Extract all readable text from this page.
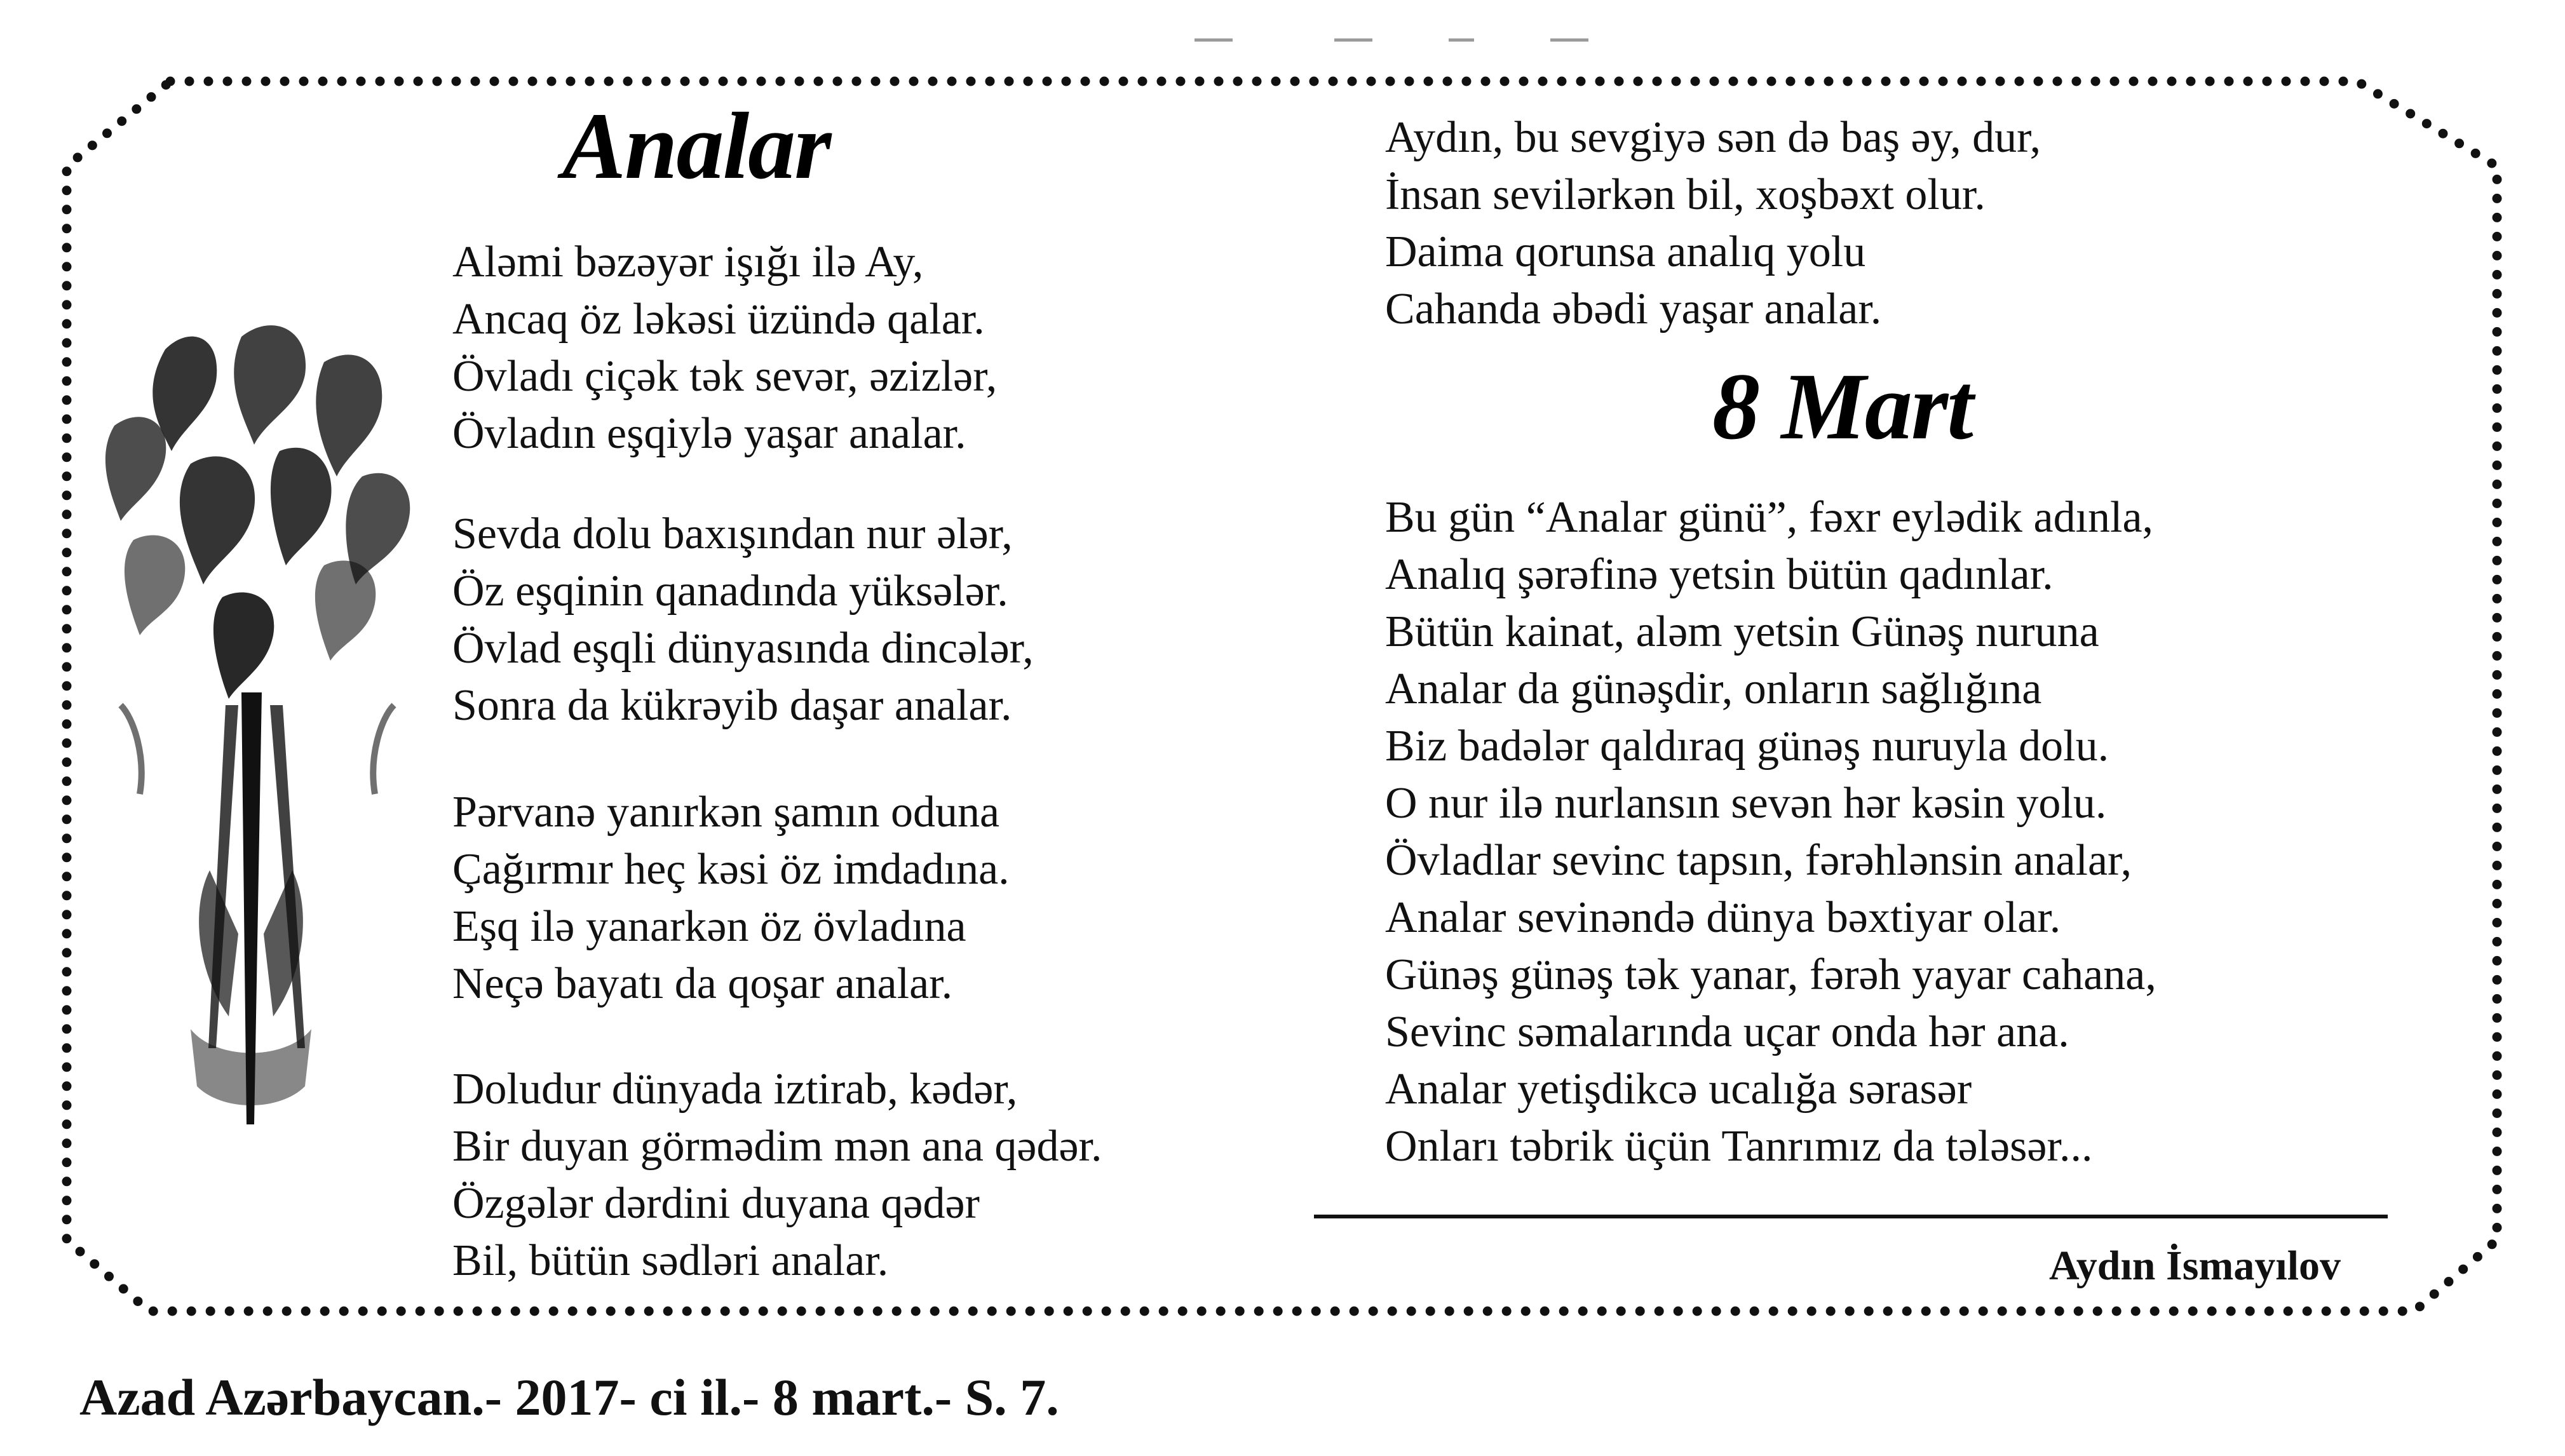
Analar
Aləmi bəzəyər işığı ilə Ay,
Ancaq öz ləkəsi üzündə qalar.
Övladı çiçək tək sevər, əzizlər,
Övladın eşqiylə yaşar analar.
Sevda dolu baxışından nur ələr,
Öz eşqinin qanadında yüksələr.
Övlad eşqli dünyasında dincələr,
Sonra da kükrəyib daşar analar.
Pərvanə yanırkən şamın oduna
Çağırmır heç kəsi öz imdadına.
Eşq ilə yanarkən öz övladına
Neçə bayatı da qoşar analar.
Doludur dünyada iztirab, kədər,
Bir duyan görmədim mən ana qədər.
Özgələr dərdini duyana qədər
Bil, bütün sədləri analar.
Aydın, bu sevgiyə sən də baş əy, dur,
İnsan sevilərkən bil, xoşbəxt olur.
Daima qorunsa analıq yolu
Cahanda əbədi yaşar analar.
8 Mart
Bu gün “Analar günü”, fəxr eylədik adınla,
Analıq şərəfinə yetsin bütün qadınlar.
Bütün kainat, aləm yetsin Günəş nuruna
Analar da günəşdir, onların sağlığına
Biz badələr qaldıraq günəş nuruyla dolu.
O nur ilə nurlansın sevən hər kəsin yolu.
Övladlar sevinc tapsın, fərəhlənsin analar,
Analar sevinəndə dünya bəxtiyar olar.
Günəş günəş tək yanar, fərəh yayar cahana,
Sevinc səmalarında uçar onda hər ana.
Analar yetişdikcə ucalığa sərasər
Onları təbrik üçün Tanrımız da tələsər...
Aydın İsmayılov
Azad Azərbaycan.- 2017- ci il.- 8 mart.- S. 7.
